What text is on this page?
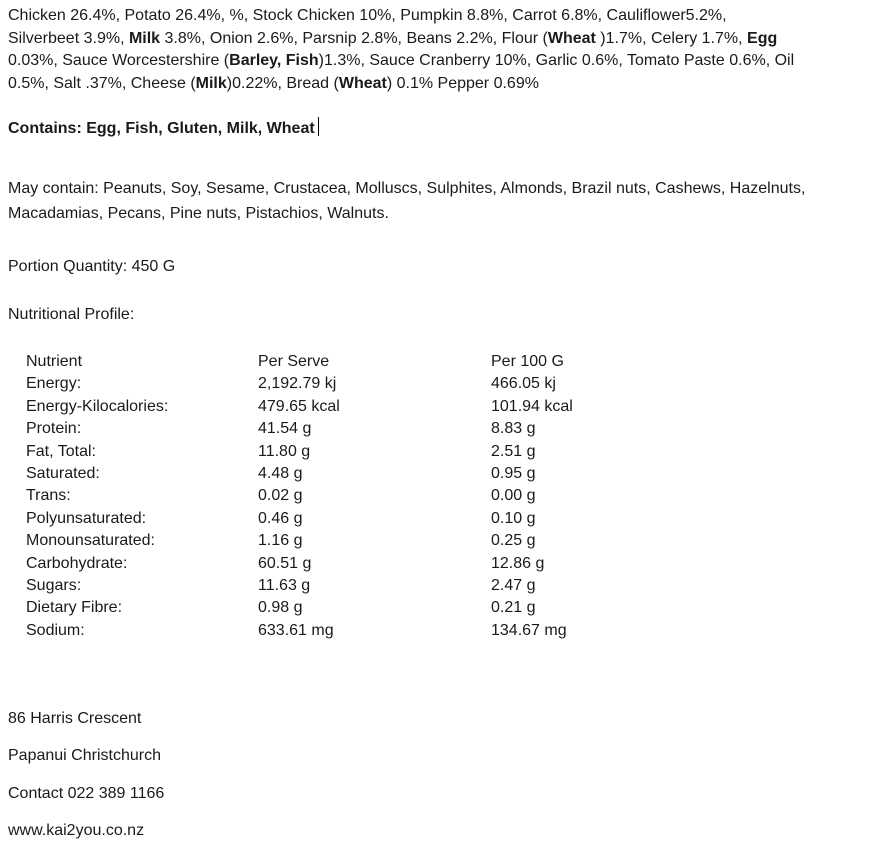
Chicken 26.4%, Potato 26.4%, %, Stock Chicken 10%, Pumpkin 8.8%, Carrot 6.8%, Cauliflower5.2%,

Silverbeet 3.9%, Milk 3.8%, Onion 2.6%, Parsnip 2.8%, Beans 2.2%, Flour (Wheat )1.7%, Celery 1.7%, Egg

0.03%, Sauce Worcestershire (Barley, Fish)1.3%, Sauce Cranberry 10%, Garlic 0.6%, Tomato Paste 0.6%, Oil

0.5%, Salt .37%, Cheese (Milk)0.22%, Bread (Wheat) 0.1% Pepper 0.69%

Contains: Egg, Fish, Gluten, Milk, Wheat

May contain: Peanuts, Soy, Sesame, Crustacea, Molluscs, Sulphites, Almonds, Brazil nuts, Cashews, Hazelnuts, Macadamias, Pecans, Pine nuts, Pistachios, Walnuts.

Portion Quantity: 450 G
Nutritional Profile:
Nutrient	Per Serve	Per 100 G
Energy:	2,192.79 kj	466.05 kj
Energy-Kilocalories:	479.65 kcal	101.94 kcal
Protein:	41.54 g	8.83 g
Fat, Total:	11.80 g	2.51 g
Saturated:	4.48 g	0.95 g
Trans:	0.02 g	0.00 g
Polyunsaturated:	0.46 g	0.10 g
Monounsaturated:	1.16 g	0.25 g
Carbohydrate:	60.51 g	12.86 g
Sugars:	11.63 g	2.47 g
Dietary Fibre:	0.98 g	0.21 g
Sodium:	633.61 mg	134.67 mg
86 Harris Crescent
Papanui Christchurch
Contact 022 389 1166
www.kai2you.co.nz
